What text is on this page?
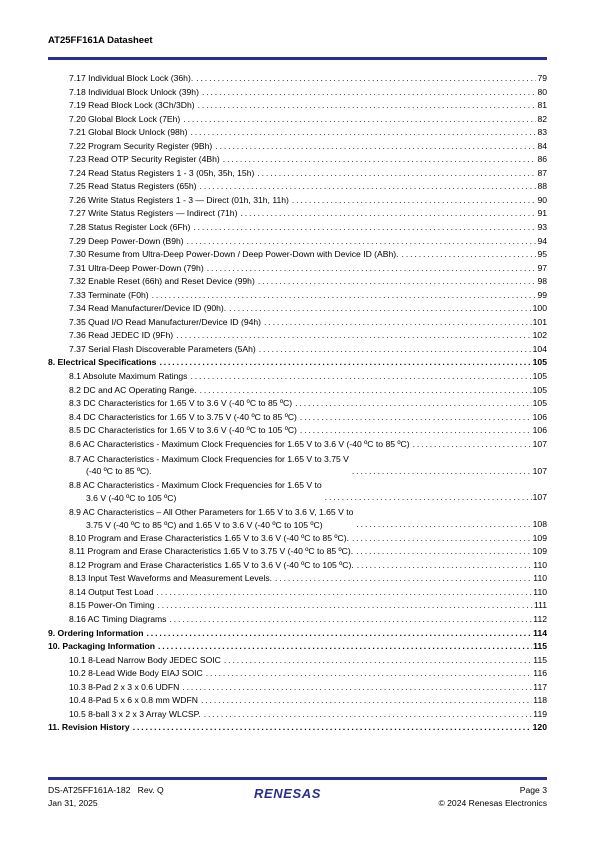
AT25FF161A Datasheet
7.17 Individual Block Lock (36h). .....	79
7.18 Individual Block Unlock (39h) .....	80
7.19 Read Block Lock (3Ch/3Dh) .....	81
7.20 Global Block Lock (7Eh) .....	82
7.21 Global Block Unlock (98h) .....	83
7.22 Program Security Register (9Bh) .....	84
7.23 Read OTP Security Register (4Bh) .....	86
7.24 Read Status Registers 1 - 3 (05h, 35h, 15h) .....	87
7.25 Read Status Registers (65h) .....	88
7.26 Write Status Registers 1 - 3 — Direct (01h, 31h, 11h) .....	90
7.27 Write Status Registers — Indirect (71h) .....	91
7.28 Status Register Lock (6Fh) .....	93
7.29 Deep Power-Down (B9h) .....	94
7.30 Resume from Ultra-Deep Power-Down / Deep Power-Down with Device ID (ABh). .....	95
7.31 Ultra-Deep Power-Down (79h) .....	97
7.32 Enable Reset (66h) and Reset Device (99h) .....	98
7.33 Terminate (F0h) .....	99
7.34 Read Manufacturer/Device ID (90h). .....	100
7.35 Quad I/O Read Manufacturer/Device ID (94h) .....	101
7.36 Read JEDEC ID (9Fh) .....	102
7.37 Serial Flash Discoverable Parameters (5Ah) .....	104
8. Electrical Specifications .....	105
8.1 Absolute Maximum Ratings .....	105
8.2 DC and AC Operating Range. .....	105
8.3 DC Characteristics for 1.65 V to 3.6 V (-40 ºC to 85 ºC) .....	105
8.4 DC Characteristics for 1.65 V to 3.75 V (-40 ºC to 85 ºC) .....	106
8.5 DC Characteristics for 1.65 V to 3.6 V (-40 ºC to 105 ºC) .....	106
8.6 AC Characteristics - Maximum Clock Frequencies for 1.65 V to 3.6 V (-40 ºC to 85 ºC) .....	107
8.7 AC Characteristics - Maximum Clock Frequencies for 1.65 V to 3.75 V
(-40 ºC to 85 ºC). .....	107
8.8 AC Characteristics - Maximum Clock Frequencies for 1.65 V to
3.6 V (-40 ºC to 105 ºC) .....	107
8.9 AC Characteristics – All Other Parameters for 1.65 V to 3.6 V, 1.65 V to
3.75 V (-40 ºC to 85 ºC) and 1.65 V to 3.6 V (-40 ºC to 105 ºC) .....	108
8.10 Program and Erase Characteristics 1.65 V to 3.6 V (-40 ºC to 85 ºC). .....	109
8.11 Program and Erase Characteristics 1.65 V to 3.75 V (-40 ºC to 85 ºC). .....	109
8.12 Program and Erase Characteristics 1.65 V to 3.6 V (-40 ºC to 105 ºC). .....	110
8.13 Input Test Waveforms and Measurement Levels. .....	110
8.14 Output Test Load .....	110
8.15 Power-On Timing .....	111
8.16 AC Timing Diagrams .....	112
9. Ordering Information .....	114
10. Packaging Information .....	115
10.1 8-Lead Narrow Body JEDEC SOIC .....	115
10.2 8-Lead Wide Body EIAJ SOIC .....	116
10.3 8-Pad 2 x 3 x 0.6 UDFN .....	117
10.4 8-Pad 5 x 6 x 0.8 mm WDFN .....	118
10.5 8-ball 3 x 2 x 3 Array WLCSP. .....	119
11. Revision History .....	120
DS-AT25FF161A-182   Rev. Q
Jan 31, 2025
RENESAS	Page 3
© 2024 Renesas Electronics
